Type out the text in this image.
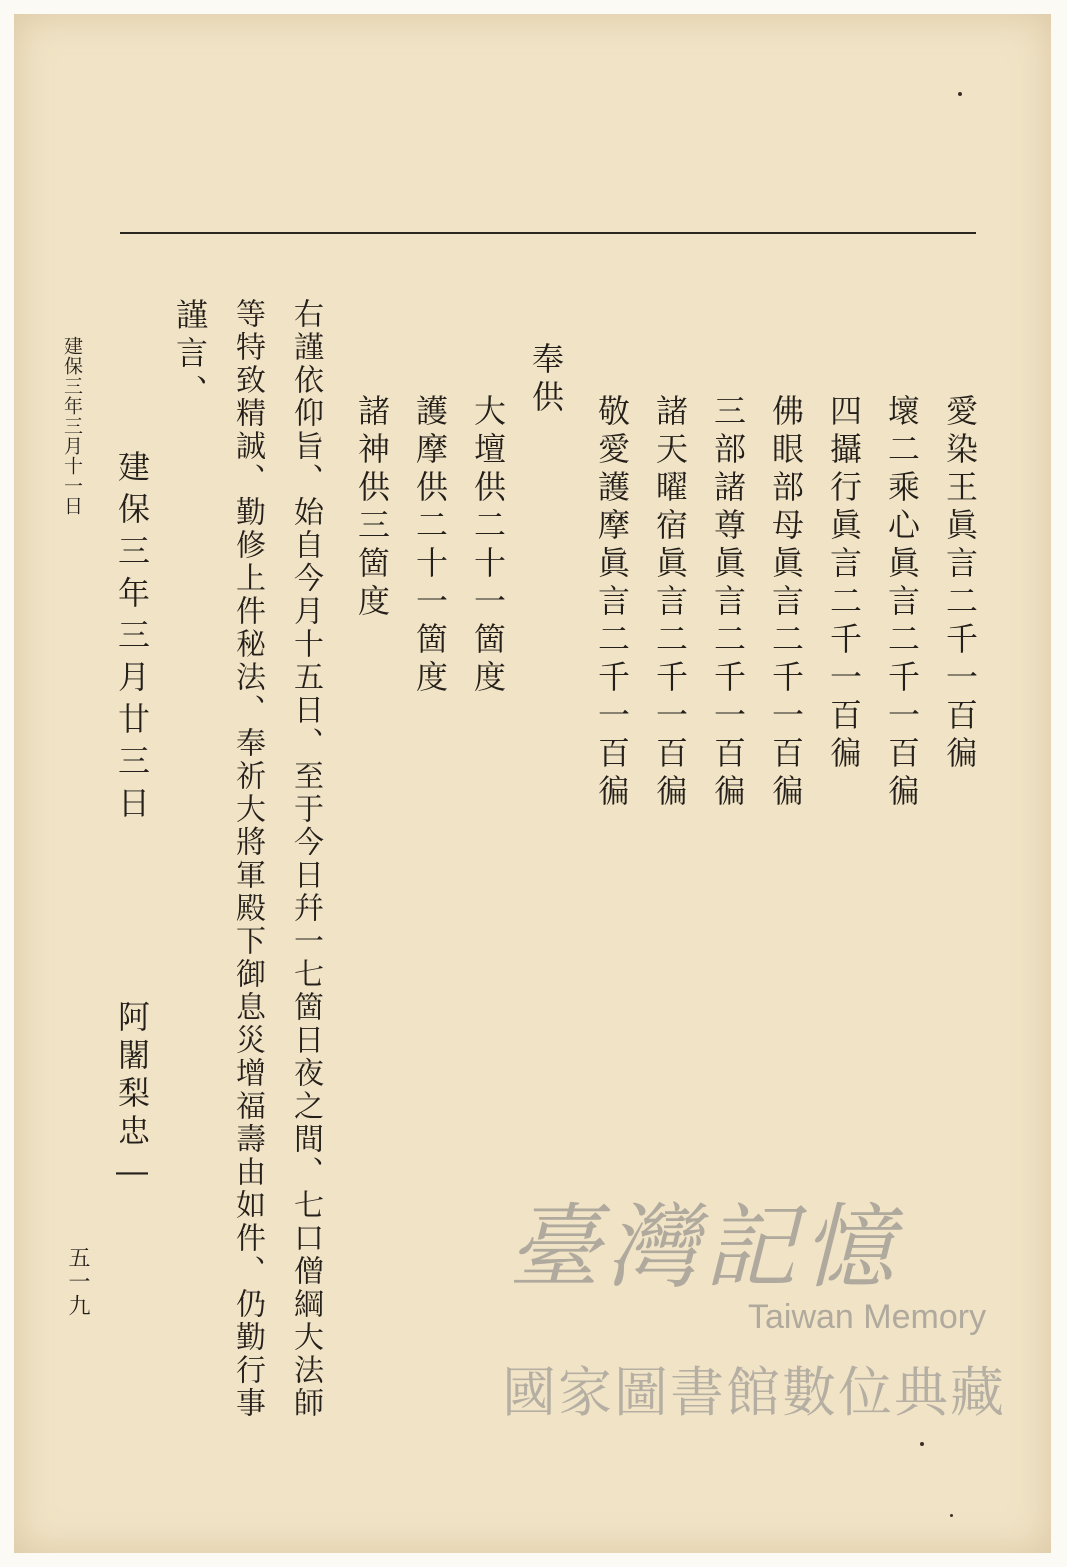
愛染王眞言二千一百徧
壞二乘心眞言二千一百徧
四攝行眞言二千一百徧
佛眼部母眞言二千一百徧
三部諸尊眞言二千一百徧
諸天曜宿眞言二千一百徧
敬愛護摩眞言二千一百徧
奉供
大壇供二十一箇度
護摩供二十一箇度
諸神供三箇度
右謹依仰旨、始自今月十五日、至于今日幷一七箇日夜之間、七口僧綱大法師
等特致精誠、勤修上件秘法、奉祈大將軍殿下御息災增福壽由如件、仍勤行事
謹言、
建保三年三月廿三日
阿闍梨忠―
建保三年三月十一日
五一九	臺灣記憶
Taiwan Memory
國家圖書館數位典藏
